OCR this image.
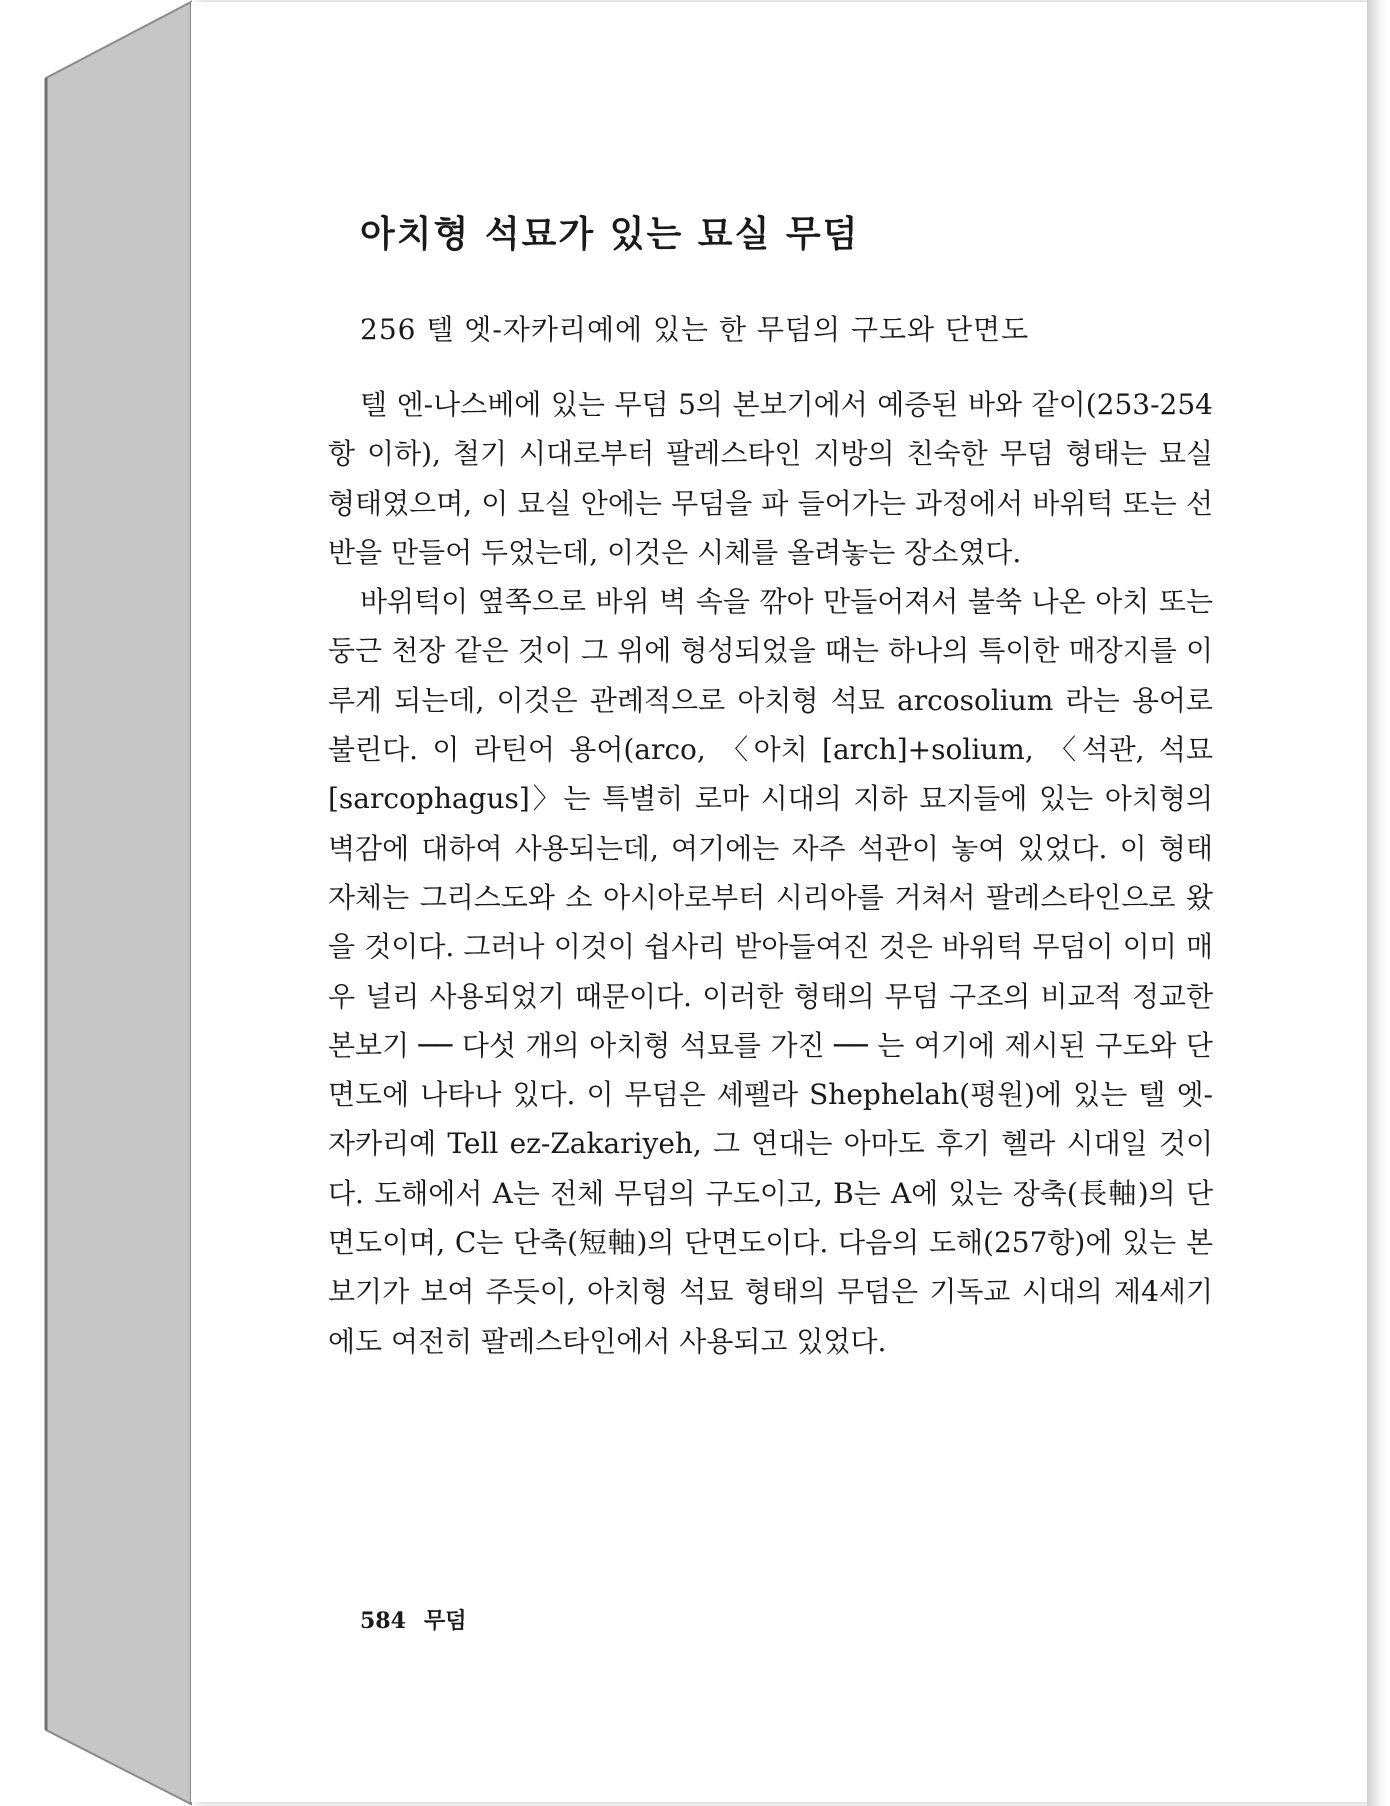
아치형 석묘가 있는 묘실 무덤
256 텔 엣-자카리예에 있는 한 무덤의 구도와 단면도

텔 엔-나스베에 있는 무덤 5의 본보기에서 예증된 바와 같이(253-254항 이하), 철기 시대로부터 팔레스타인 지방의 친숙한 무덤 형태는 묘실 형태였으며, 이 묘실 안에는 무덤을 파 들어가는 과정에서 바위턱 또는 선반을 만들어 두었는데, 이것은 시체를 올려놓는 장소였다.

바위턱이 옆쪽으로 바위 벽 속을 깎아 만들어져서 불쑥 나온 아치 또는 둥근 천장 같은 것이 그 위에 형성되었을 때는 하나의 특이한 매장지를 이루게 되는데, 이것은 관례적으로 아치형 석묘 arcosolium 라는 용어로 불린다. 이 라틴어 용어(arco, 〈아치 [arch]+solium, 〈석관, 석묘[sarcophagus]〉는 특별히 로마 시대의 지하 묘지들에 있는 아치형의 벽감에 대하여 사용되는데, 여기에는 자주 석관이 놓여 있었다. 이 형태 자체는 그리스도와 소 아시아로부터 시리아를 거쳐서 팔레스타인으로 왔을 것이다. 그러나 이것이 쉽사리 받아들여진 것은 바위턱 무덤이 이미 매우 널리 사용되었기 때문이다. 이러한 형태의 무덤 구조의 비교적 정교한 본보기 ── 다섯 개의 아치형 석묘를 가진 ── 는 여기에 제시된 구도와 단면도에 나타나 있다. 이 무덤은 셰펠라 Shephelah(평원)에 있는 텔 엣-자카리예 Tell ez-Zakariyeh, 그 연대는 아마도 후기 헬라 시대일 것이다. 도해에서 A는 전체 무덤의 구도이고, B는 A에 있는 장축(長軸)의 단면도이며, C는 단축(短軸)의 단면도이다. 다음의 도해(257항)에 있는 본보기가 보여 주듯이, 아치형 석묘 형태의 무덤은 기독교 시대의 제4세기에도 여전히 팔레스타인에서 사용되고 있었다.

584 무덤
